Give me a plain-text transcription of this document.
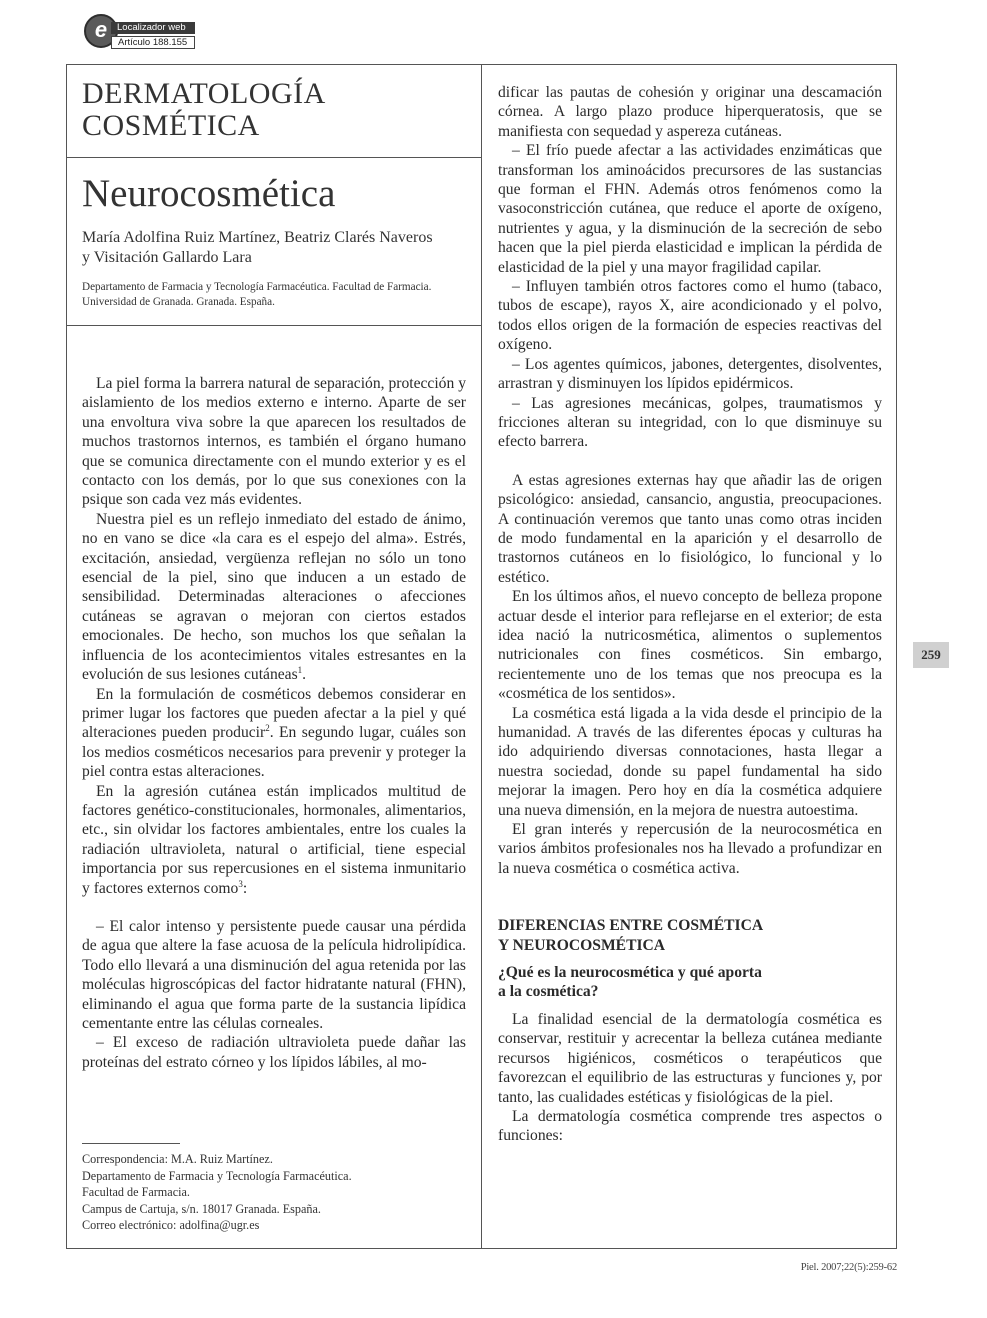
e	Localizador web
Artículo 188.155
DERMATOLOGÍA
COSMÉTICA
Neurocosmética
María Adolfina Ruiz Martínez, Beatriz Clarés Naveros
y Visitación Gallardo Lara
Departamento de Farmacia y Tecnología Farmacéutica. Facultad de Farmacia.
Universidad de Granada. Granada. España.

La piel forma la barrera natural de separación, protección y aislamiento de los medios externo e interno. Aparte de ser una envoltura viva sobre la que aparecen los resultados de muchos trastornos internos, es también el órgano humano que se comunica directamente con el mundo exterior y es el contacto con los demás, por lo que sus conexiones con la psique son cada vez más evidentes.

Nuestra piel es un reflejo inmediato del estado de ánimo, no en vano se dice «la cara es el espejo del alma». Estrés, excitación, ansiedad, vergüenza reflejan no sólo un tono esencial de la piel, sino que inducen a un estado de sensibilidad. Determinadas alteraciones o afecciones cutáneas se agravan o mejoran con ciertos estados emocionales. De hecho, son muchos los que señalan la influencia de los acontecimientos vitales estresantes en la evolución de sus lesiones cutáneas$^1$.

En la formulación de cosméticos debemos considerar en primer lugar los factores que pueden afectar a la piel y qué alteraciones pueden producir$^2$. En segundo lugar, cuáles son los medios cosméticos necesarios para prevenir y proteger la piel contra estas alteraciones.

En la agresión cutánea están implicados multitud de factores genético-constitucionales, hormonales, alimentarios, etc., sin olvidar los factores ambientales, entre los cuales la radiación ultravioleta, natural o artificial, tiene especial importancia por sus repercusiones en el sistema inmunitario y factores externos como$^3$:

– El calor intenso y persistente puede causar una pérdida de agua que altere la fase acuosa de la película hidrolipídica. Todo ello llevará a una disminución del agua retenida por las moléculas higroscópicas del factor hidratante natural (FHN), eliminando el agua que forma parte de la sustancia lipídica cementante entre las células corneales.

– El exceso de radiación ultravioleta puede dañar las proteínas del estrato córneo y los lípidos lábiles, al mo-

Correspondencia: M.A. Ruiz Martínez.
Departamento de Farmacia y Tecnología Farmacéutica.
Facultad de Farmacia.
Campus de Cartuja, s/n. 18017 Granada. España.
Correo electrónico: adolfina@ugr.es

dificar las pautas de cohesión y originar una descamación córnea. A largo plazo produce hiperqueratosis, que se manifiesta con sequedad y aspereza cutáneas.

– El frío puede afectar a las actividades enzimáticas que transforman los aminoácidos precursores de las sustancias que forman el FHN. Además otros fenómenos como la vasoconstricción cutánea, que reduce el aporte de oxígeno, nutrientes y agua, y la disminución de la secreción de sebo hacen que la piel pierda elasticidad e implican la pérdida de elasticidad de la piel y una mayor fragilidad capilar.

– Influyen también otros factores como el humo (tabaco, tubos de escape), rayos X, aire acondicionado y el polvo, todos ellos origen de la formación de especies reactivas del oxígeno.

– Los agentes químicos, jabones, detergentes, disolventes, arrastran y disminuyen los lípidos epidérmicos.

– Las agresiones mecánicas, golpes, traumatismos y fricciones alteran su integridad, con lo que disminuye su efecto barrera.

A estas agresiones externas hay que añadir las de origen psicológico: ansiedad, cansancio, angustia, preocupaciones. A continuación veremos que tanto unas como otras inciden de modo fundamental en la aparición y el desarrollo de trastornos cutáneos en lo fisiológico, lo funcional y lo estético.

En los últimos años, el nuevo concepto de belleza propone actuar desde el interior para reflejarse en el exterior; de esta idea nació la nutricosmética, alimentos o suplementos nutricionales con fines cosméticos. Sin embargo, recientemente uno de los temas que nos preocupa es la «cosmética de los sentidos».

La cosmética está ligada a la vida desde el principio de la humanidad. A través de las diferentes épocas y culturas ha ido adquiriendo diversas connotaciones, hasta llegar a nuestra sociedad, donde su papel fundamental ha sido mejorar la imagen. Pero hoy en día la cosmética adquiere una nueva dimensión, en la mejora de nuestra autoestima.

El gran interés y repercusión de la neurocosmética en varios ámbitos profesionales nos ha llevado a profundizar en la nueva cosmética o cosmética activa.

DIFERENCIAS ENTRE COSMÉTICA
Y NEUROCOSMÉTICA
¿Qué es la neurocosmética y qué aporta
a la cosmética?

La finalidad esencial de la dermatología cosmética es conservar, restituir y acrecentar la belleza cutánea mediante recursos higiénicos, cosméticos o terapéuticos que favorezcan el equilibrio de las estructuras y funciones y, por tanto, las cualidades estéticas y fisiológicas de la piel.

La dermatología cosmética comprende tres aspectos o funciones:

259
Piel. 2007;22(5):259-62
